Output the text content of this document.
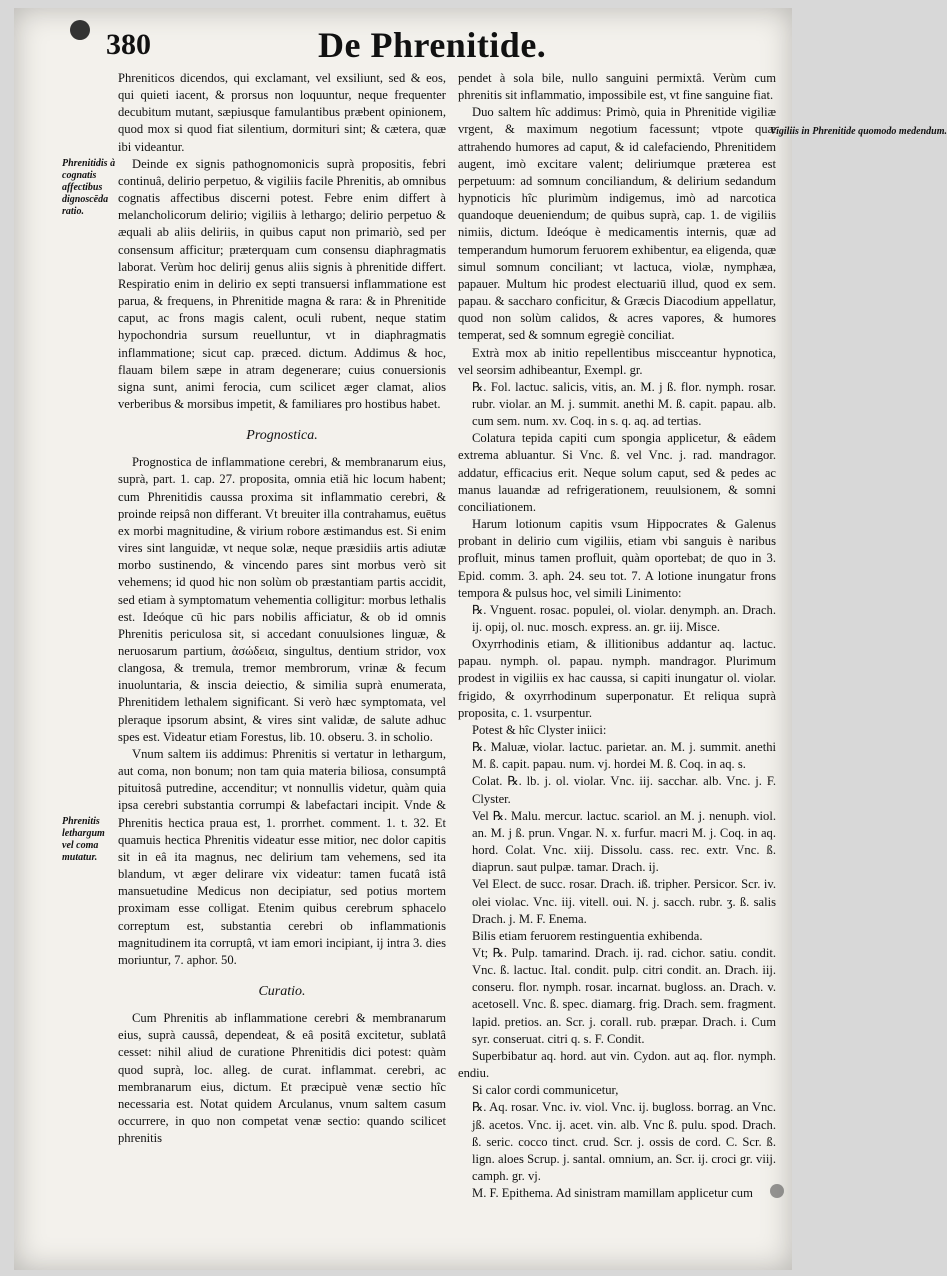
380	De Phrenitide.
Phrenitidis à cognatis affectibus dignoscēda ratio.
Phrenitis lethargum vel coma mutatur.
Vigiliis in Phrenitide quomodo medendum.

Phreniticos dicendos, qui exclamant, vel exsiliunt, sed & eos, qui quieti iacent, & prorsus non loquuntur, neque frequenter decubitum mutant, sæpiusque famulantibus præbent opinionem, quod mox si quod fiat silentium, dormituri sint; & cætera, quæ ibi videantur.

Deinde ex signis pathognomonicis suprà propositis, febri continuâ, delirio perpetuo, & vigiliis facile Phrenitis, ab omnibus cognatis affectibus discerni potest. Febre enim differt à melancholicorum delirio; vigiliis à lethargo; delirio perpetuo & æquali ab aliis deliriis, in quibus caput non primariò, sed per consensum afficitur; præterquam cum consensu diaphragmatis laborat. Verùm hoc delirij genus aliis signis à phrenitide differt. Respiratio enim in delirio ex septi transuersi inflammatione est parua, & frequens, in Phrenitide magna & rara: & in Phrenitide caput, ac frons magis calent, oculi rubent, neque statim hypochondria sursum reuelluntur, vt in diaphragmatis inflammatione; sicut cap. præced. dictum. Addimus & hoc, flauam bilem sæpe in atram degenerare; cuius conuersionis signa sunt, animi ferocia, cum scilicet æger clamat, alios verberibus & morsibus impetit, & familiares pro hostibus habet.

Prognostica.

Prognostica de inflammatione cerebri, & membranarum eius, suprà, part. 1. cap. 27. proposita, omnia etiã hic locum habent; cum Phrenitidis caussa proxima sit inflammatio cerebri, & proinde reipsâ non differant. Vt breuiter illa contrahamus, euētus ex morbi magnitudine, & virium robore æstimandus est. Si enim vires sint languidæ, vt neque solæ, neque præsidiis artis adiutæ morbo sustinendo, & vincendo pares sint morbus verò sit vehemens; id quod hic non solùm ob præstantiam partis accidit, sed etiam à symptomatum vehementia colligitur: morbus lethalis est. Ideóque cū hic pars nobilis afficiatur, & ob id omnis Phrenitis periculosa sit, si accedant conuulsiones linguæ, & neruosarum partium, ἀσώδεια, singultus, dentium stridor, vox clangosa, & tremula, tremor membrorum, vrinæ & fecum inuoluntaria, & inscia deiectio, & similia suprà enumerata, Phrenitidem lethalem significant. Si verò hæc symptomata, vel pleraque ipsorum absint, & vires sint validæ, de salute adhuc spes est. Videatur etiam Forestus, lib. 10. obseru. 3. in scholio.

Vnum saltem iis addimus: Phrenitis si vertatur in lethargum, aut coma, non bonum; non tam quia materia biliosa, consumptâ pituitosâ putredine, accenditur; vt nonnullis videtur, quàm quia ipsa cerebri substantia corrumpi & labefactari incipit. Vnde & Phrenitis hectica praua est, 1. prorrhet. comment. 1. t. 32. Et quamuis hectica Phrenitis videatur esse mitior, nec dolor capitis sit in eâ ita magnus, nec delirium tam vehemens, sed ita blandum, vt æger delirare vix videatur: tamen fucatâ istâ mansuetudine Medicus non decipiatur, sed potius mortem proximam esse colligat. Etenim quibus cerebrum sphacelo correptum est, substantia cerebri ob inflammationis magnitudinem ita corruptâ, vt iam emori incipiant, ij intra 3. dies moriuntur, 7. aphor. 50.

Curatio.

Cum Phrenitis ab inflammatione cerebri & membranarum eius, suprà caussâ, dependeat, & eâ positâ excitetur, sublatâ cesset: nihil aliud de curatione Phrenitidis dici potest: quàm quod suprà, loc. alleg. de curat. inflammat. cerebri, ac membranarum eius, dictum. Et præcipuè venæ sectio hîc necessaria est. Notat quidem Arculanus, vnum saltem casum occurrere, in quo non competat venæ sectio: quando scilicet phrenitis

pendet à sola bile, nullo sanguini permixtâ. Verùm cum phrenitis sit inflammatio, impossibile est, vt fine sanguine fiat.

Duo saltem hîc addimus: Primò, quia in Phrenitide vigiliæ vrgent, & maximum negotium facessunt; vtpote quæ attrahendo humores ad caput, & id calefaciendo, Phrenitidem augent, imò excitare valent; deliriumque præterea est perpetuum: ad somnum conciliandum, & delirium sedandum hypnoticis hîc plurimùm indigemus, imò ad narcotica quandoque deueniendum; de quibus suprà, cap. 1. de vigiliis nimiis, dictum. Ideóque è medicamentis internis, quæ ad temperandum humorum feruorem exhibentur, ea eligenda, quæ simul somnum conciliant; vt lactuca, violæ, nymphæa, papauer. Multum hic prodest electuariū illud, quod ex sem. papau. & saccharo conficitur, & Græcis Diacodium appellatur, quod non solùm calidos, & acres vapores, & humores temperat, sed & somnum egregiè conciliat.

Extrà mox ab initio repellentibus miscceantur hypnotica, vel seorsim adhibeantur, Exempl. gr.

℞. Fol. lactuc. salicis, vitis, an. M. j ß. flor. nymph. rosar. rubr. violar. an M. j. summit. anethi M. ß. capit. papau. alb. cum sem. num. xv. Coq. in s. q. aq. ad tertias.

Colatura tepida capiti cum spongia applicetur, & eâdem extrema abluantur. Si Vnc. ß. vel Vnc. j. rad. mandragor. addatur, efficacius erit. Neque solum caput, sed & pedes ac manus lauandæ ad refrigerationem, reuulsionem, & somni conciliationem.

Harum lotionum capitis vsum Hippocrates & Galenus probant in delirio cum vigiliis, etiam vbi sanguis è naribus profluit, minus tamen profluit, quàm oportebat; de quo in 3. Epid. comm. 3. aph. 24. seu tot. 7. A lotione inungatur frons tempora & pulsus hoc, vel simili Linimento:

℞. Vnguent. rosac. populei, ol. violar. denymph. an. Drach. ij. opij, ol. nuc. mosch. express. an. gr. iij. Misce.

Oxyrrhodinis etiam, & illitionibus addantur aq. lactuc. papau. nymph. ol. papau. nymph. mandragor. Plurimum prodest in vigiliis ex hac caussa, si capiti inungatur ol. violar. frigido, & oxyrrhodinum superponatur. Et reliqua suprà proposita, c. 1. vsurpentur.

Potest & hîc Clyster iniici:

℞. Maluæ, violar. lactuc. parietar. an. M. j. summit. anethi M. ß. capit. papau. num. vj. hordei M. ß. Coq. in aq. s.

Colat. ℞. lb. j. ol. violar. Vnc. iij. sacchar. alb. Vnc. j. F. Clyster.

Vel ℞. Malu. mercur. lactuc. scariol. an M. j. nenuph. viol. an. M. j ß. prun. Vngar. N. x. furfur. macri M. j. Coq. in aq. hord. Colat. Vnc. xiij. Dissolu. cass. rec. extr. Vnc. ß. diaprun. saut pulpæ. tamar. Drach. ij.

Vel Elect. de succ. rosar. Drach. iß. tripher. Persicor. Scr. iv. olei violac. Vnc. iij. vitell. oui. N. j. sacch. rubr. ʒ. ß. salis Drach. j. M. F. Enema.

Bilis etiam feruorem restinguentia exhibenda.

Vt; ℞. Pulp. tamarind. Drach. ij. rad. cichor. satiu. condit. Vnc. ß. lactuc. Ital. condit. pulp. citri condit. an. Drach. iij. conseru. flor. nymph. rosar. incarnat. bugloss. an. Drach. v. acetosell. Vnc. ß. spec. diamarg. frig. Drach. sem. fragment. lapid. pretios. an. Scr. j. corall. rub. præpar. Drach. i. Cum syr. conseruat. citri q. s. F. Condit.

Superbibatur aq. hord. aut vin. Cydon. aut aq. flor. nymph. endiu.

Si calor cordi communicetur,

℞. Aq. rosar. Vnc. iv. viol. Vnc. ij. bugloss. borrag. an Vnc. jß. acetos. Vnc. ij. acet. vin. alb. Vnc ß. pulu. spod. Drach. ß. seric. cocco tinct. crud. Scr. j. ossis de cord. C. Scr. ß. lign. aloes Scrup. j. santal. omnium, an. Scr. ij. croci gr. viij. camph. gr. vj.

M. F. Epithema. Ad sinistram mamillam applicetur cum
